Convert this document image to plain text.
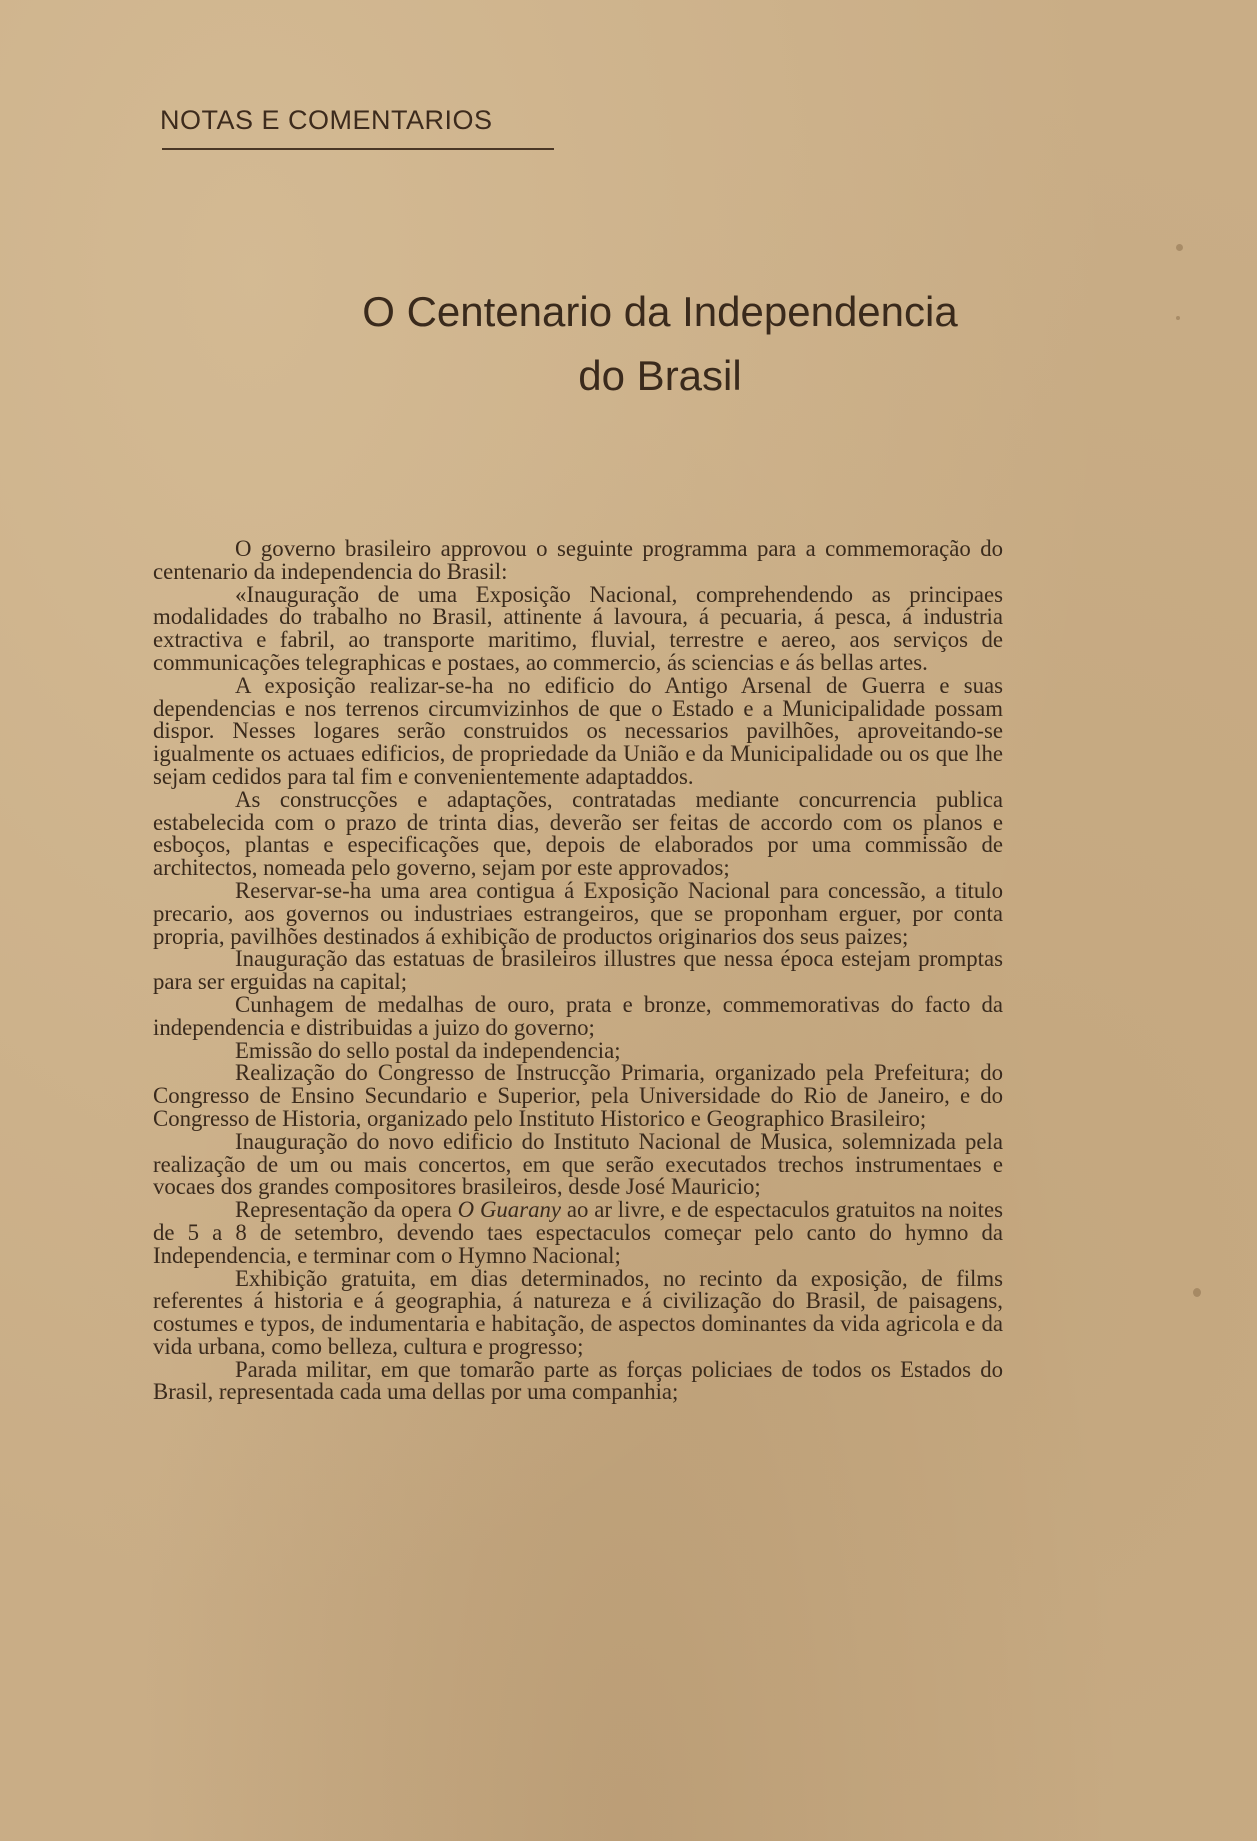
NOTAS E COMENTARIOS
O Centenario da Independencia
do Brasil

O governo brasileiro approvou o seguinte programma para a commemoração do centenario da independencia do Brasil:

«Inauguração de uma Exposição Nacional, comprehendendo as principaes modalidades do trabalho no Brasil, attinente á lavoura, á pecuaria, á pesca, á industria extractiva e fabril, ao transporte maritimo, fluvial, terrestre e aereo, aos serviços de communicações telegraphicas e postaes, ao commercio, ás sciencias e ás bellas artes.

A exposição realizar-se-ha no edificio do Antigo Arsenal de Guerra e suas dependencias e nos terrenos circumvizinhos de que o Estado e a Municipalidade possam dispor. Nesses logares serão construidos os necessarios pavilhões, aproveitando-se igualmente os actuaes edificios, de propriedade da União e da Municipalidade ou os que lhe sejam cedidos para tal fim e convenientemente adaptaddos.

As construcções e adaptações, contratadas mediante concurrencia publica estabelecida com o prazo de trinta dias, deverão ser feitas de accordo com os planos e esboços, plantas e especificações que, depois de elaborados por uma commissão de architectos, nomeada pelo governo, sejam por este approvados;

Reservar-se-ha uma area contigua á Exposição Nacional para concessão, a titulo precario, aos governos ou industriaes estrangeiros, que se proponham erguer, por conta propria, pavilhões destinados á exhibição de productos originarios dos seus paizes;

Inauguração das estatuas de brasileiros illustres que nessa época estejam promptas para ser erguidas na capital;

Cunhagem de medalhas de ouro, prata e bronze, commemorativas do facto da independencia e distribuidas a juizo do governo;

Emissão do sello postal da independencia;

Realização do Congresso de Instrucção Primaria, organizado pela Prefeitura; do Congresso de Ensino Secundario e Superior, pela Universidade do Rio de Janeiro, e do Congresso de Historia, organizado pelo Instituto Historico e Geographico Brasileiro;

Inauguração do novo edificio do Instituto Nacional de Musica, solemnizada pela realização de um ou mais concertos, em que serão executados trechos instrumentaes e vocaes dos grandes compositores brasileiros, desde José Mauricio;

Representação da opera O Guarany ao ar livre, e de espectaculos gratuitos na noites de 5 a 8 de setembro, devendo taes espectaculos começar pelo canto do hymno da Independencia, e terminar com o Hymno Nacional;

Exhibição gratuita, em dias determinados, no recinto da exposição, de films referentes á historia e á geographia, á natureza e á civilização do Brasil, de paisagens, costumes e typos, de indumentaria e habitação, de aspectos dominantes da vida agricola e da vida urbana, como belleza, cultura e progresso;

Parada militar, em que tomarão parte as forças policiaes de todos os Estados do Brasil, representada cada uma dellas por uma companhia;
